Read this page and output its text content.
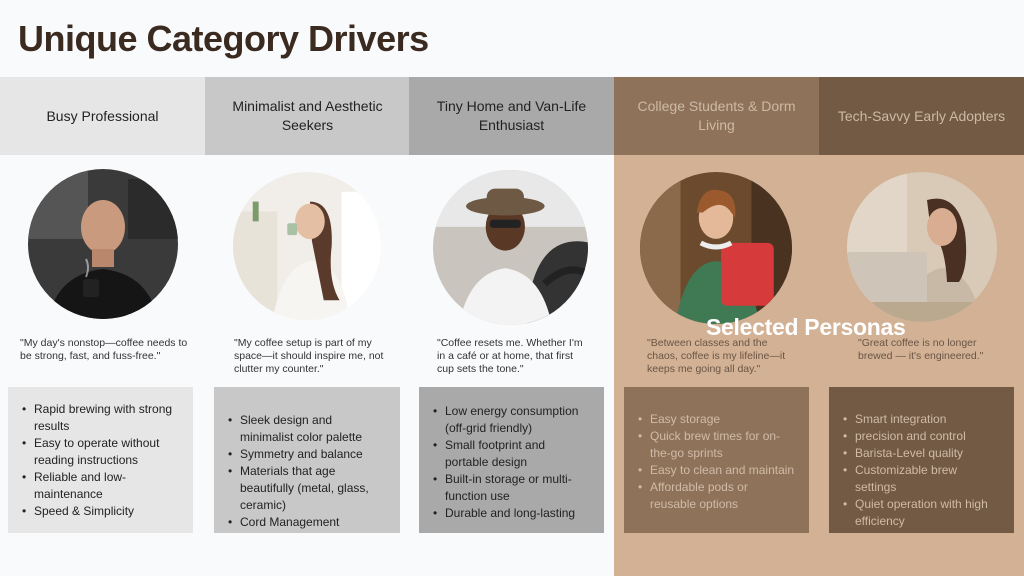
Unique Category Drivers
Busy Professional
Minimalist and Aesthetic Seekers
Tiny Home and Van-Life Enthusiast
College Students & Dorm Living
Tech-Savvy Early Adopters
"My day's nonstop—coffee needs to be strong, fast, and fuss-free."
"My coffee setup is part of my space—it should inspire me, not clutter my counter."
"Coffee resets me. Whether I'm in a café or at home, that first cup sets the tone."
"Between classes and the chaos, coffee is my lifeline—it keeps me going all day."
"Great coffee is no longer brewed — it's engineered."
Selected Personas
• Rapid brewing with strong results
• Easy to operate without reading instructions
• Reliable and low-maintenance
• Speed & Simplicity
• Sleek design and minimalist color palette
• Symmetry and balance
• Materials that age beautifully (metal, glass, ceramic)
• Cord Management
• Low energy consumption (off-grid friendly)
• Small footprint and portable design
• Built-in storage or multi-function use
• Durable and long-lasting
• Easy storage
• Quick brew times for on-the-go sprints
• Easy to clean and maintain
• Affordable pods or reusable options
• Smart integration
• precision and control
• Barista-Level quality
• Customizable brew settings
• Quiet operation with high efficiency
